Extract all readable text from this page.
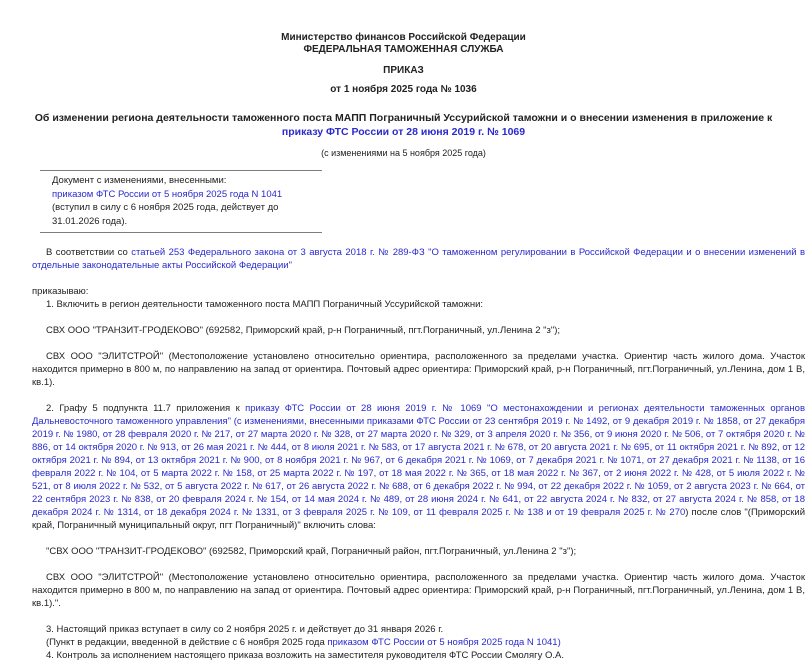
Министерство финансов Российской Федерации
ФЕДЕРАЛЬНАЯ ТАМОЖЕННАЯ СЛУЖБА
ПРИКАЗ
от 1 ноября 2025 года № 1036
Об изменении региона деятельности таможенного поста МАПП Пограничный Уссурийской таможни и о внесении изменения в приложение к приказу ФТС России от 28 июня 2019 г. № 1069
(с изменениями на 5 ноября 2025 года)
Документ с изменениями, внесенными:
приказом ФТС России от 5 ноября 2025 года N 1041 (вступил в силу с 6 ноября 2025 года, действует до 31.01.2026 года).

В соответствии со статьей 253 Федерального закона от 3 августа 2018 г. № 289-ФЗ "О таможенном регулировании в Российской Федерации и о внесении изменений в отдельные законодательные акты Российской Федерации"

приказываю:

1. Включить в регион деятельности таможенного поста МАПП Пограничный Уссурийской таможни:

СВХ ООО "ТРАНЗИТ-ГРОДЕКОВО" (692582, Приморский край, р-н Пограничный, пгт.Пограничный, ул.Ленина 2 "з");

СВХ ООО "ЭЛИТСТРОЙ" (Местоположение установлено относительно ориентира, расположенного за пределами участка. Ориентир часть жилого дома. Участок находится примерно в 800 м, по направлению на запад от ориентира. Почтовый адрес ориентира: Приморский край, р-н Пограничный, пгт.Пограничный, ул.Ленина, дом 1 В, кв.1).

2. Графу 5 подпункта 11.7 приложения к приказу ФТС России от 28 июня 2019 г. № 1069 "О местонахождении и регионах деятельности таможенных органов Дальневосточного таможенного управления" (с изменениями, внесенными приказами ФТС России от 23 сентября 2019 г. № 1492, от 9 декабря 2019 г. № 1858, от 27 декабря 2019 г. № 1980, от 28 февраля 2020 г. № 217, от 27 марта 2020 г. № 328, от 27 марта 2020 г. № 329, от 3 апреля 2020 г. № 356, от 9 июня 2020 г. № 506, от 7 октября 2020 г. № 886, от 14 октября 2020 г. № 913, от 26 мая 2021 г. № 444, от 8 июля 2021 г. № 583, от 17 августа 2021 г. № 678, от 20 августа 2021 г. № 695, от 11 октября 2021 г. № 892, от 12 октября 2021 г. № 894, от 13 октября 2021 г. № 900, от 8 ноября 2021 г. № 967, от 6 декабря 2021 г. № 1069, от 7 декабря 2021 г. № 1071, от 27 декабря 2021 г. № 1138, от 16 февраля 2022 г. № 104, от 5 марта 2022 г. № 158, от 25 марта 2022 г. № 197, от 18 мая 2022 г. № 365, от 18 мая 2022 г. № 367, от 2 июня 2022 г. № 428, от 5 июля 2022 г. № 521, от 8 июля 2022 г. № 532, от 5 августа 2022 г. № 617, от 26 августа 2022 г. № 688, от 6 декабря 2022 г. № 994, от 22 декабря 2022 г. № 1059, от 2 августа 2023 г. № 664, от 22 сентября 2023 г. № 838, от 20 февраля 2024 г. № 154, от 14 мая 2024 г. № 489, от 28 июня 2024 г. № 641, от 22 августа 2024 г. № 832, от 27 августа 2024 г. № 858, от 18 декабря 2024 г. № 1314, от 18 декабря 2024 г. № 1331, от 3 февраля 2025 г. № 109, от 11 февраля 2025 г. № 138 и от 19 февраля 2025 г. № 270) после слов "(Приморский край, Пограничный муниципальный округ, пгт Пограничный)" включить слова:

"СВХ ООО "ТРАНЗИТ-ГРОДЕКОВО" (692582, Приморский край, Пограничный район, пгт.Пограничный, ул.Ленина 2 "з");

СВХ ООО "ЭЛИТСТРОЙ" (Местоположение установлено относительно ориентира, расположенного за пределами участка. Ориентир часть жилого дома. Участок находится примерно в 800 м, по направлению на запад от ориентира. Почтовый адрес ориентира: Приморский край, р-н Пограничный, пгт.Пограничный, ул.Ленина, дом 1 В, кв.1).".

3. Настоящий приказ вступает в силу со 2 ноября 2025 г. и действует до 31 января 2026 г.

(Пункт в редакции, введенной в действие с 6 ноября 2025 года приказом ФТС России от 5 ноября 2025 года N 1041)

4. Контроль за исполнением настоящего приказа возложить на заместителя руководителя ФТС России Смолягу О.А.
